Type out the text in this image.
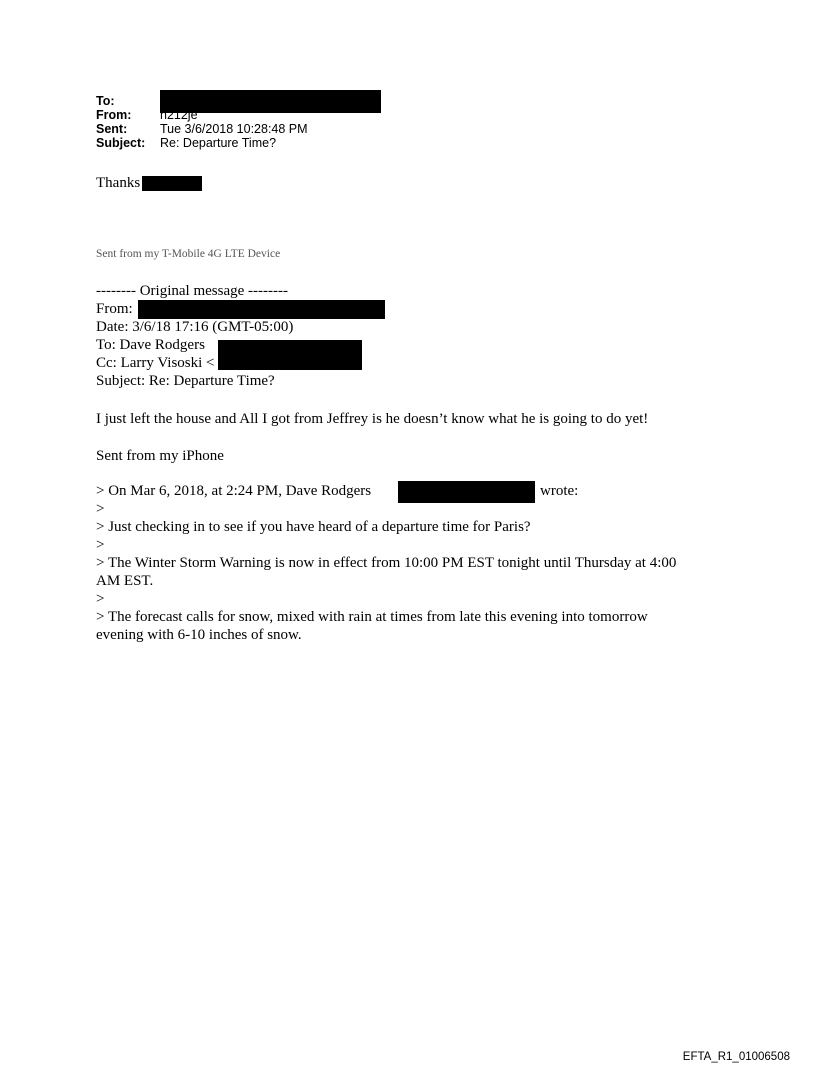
To:
From: n212je
Sent:	Tue 3/6/2018 10:28:48 PM
Subject: Re: Departure Time?
Thanks
Sent from my T-Mobile 4G LTE Device
-------- Original message --------
From:
Date: 3/6/18 17:16 (GMT-05:00)
To: Dave Rodgers
Cc: Larry Visoski <
Subject: Re: Departure Time?
I just left the house and All I got from Jeffrey is he doesn’t know what he is going to do yet!
Sent from my iPhone
> On Mar 6, 2018, at 2:24 PM, Dave Rodgers	wrote:
>
> Just checking in to see if you have heard of a departure time for Paris?
>
> The Winter Storm Warning is now in effect from 10:00 PM EST tonight until Thursday at 4:00
AM EST.
>
> The forecast calls for snow, mixed with rain at times from late this evening into tomorrow
evening with 6-10 inches of snow.
EFTA_R1_01006508
